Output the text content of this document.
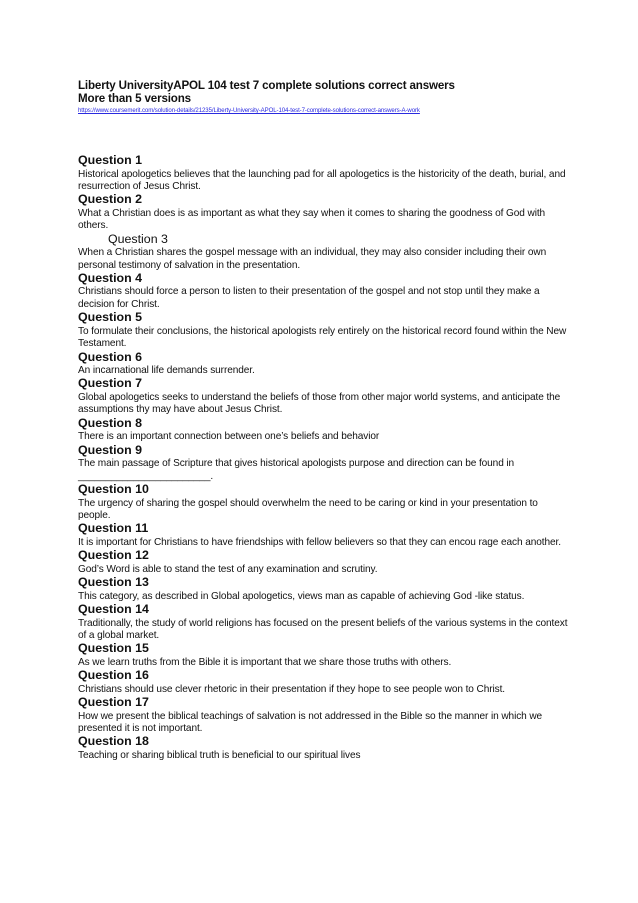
Liberty UniversityAPOL 104 test 7 complete solutions correct answers
More than 5 versions
https://www.coursemerit.com/solution-details/21235/Liberty-University-APOL-104-test-7-complete-solutions-correct-answers-A-work
Question 1
Historical apologetics believes that the launching pad for all apologetics is the historicity of the death, burial, and resurrection of Jesus Christ.
Question 2
What a Christian does is as important as what they say when it comes to sharing the goodness of God with others.
Question 3
When a Christian shares the gospel message with an individual, they may also consider including their own personal testimony of salvation in the presentation.
Question 4
Christians should force a person to listen to their presentation of the gospel and not stop until they make a decision for Christ.
Question 5
To formulate their conclusions, the historical apologists rely entirely on the historical record found within the New Testament.
Question 6
An incarnational life demands surrender.
Question 7
Global apologetics seeks to understand the beliefs of those from other major world systems, and anticipate the assumptions thy may have about Jesus Christ.
Question 8
There is an important connection between one’s beliefs and behavior
Question 9
The main passage of Scripture that gives historical apologists purpose and direction can be found in ________________________.
Question 10
The urgency of sharing the gospel should overwhelm the need to be caring or kind in your presentation to people.
Question 11
It is important for Christians to have friendships with fellow believers so that they can encou rage each another.
Question 12
God’s Word is able to stand the test of any examination and scrutiny.
Question 13
This category, as described in Global apologetics, views man as capable of achieving God -like status.
Question 14
Traditionally, the study of world religions has focused on the present beliefs of the various systems in the context of a global market.
Question 15
As we learn truths from the Bible it is important that we share those truths with others.
Question 16
Christians should use clever rhetoric in their presentation if they hope to see people won to Christ.
Question 17
How we present the biblical teachings of salvation is not addressed in the Bible so the manner in which we presented it is not important.
Question 18
Teaching or sharing biblical truth is beneficial to our spiritual lives
